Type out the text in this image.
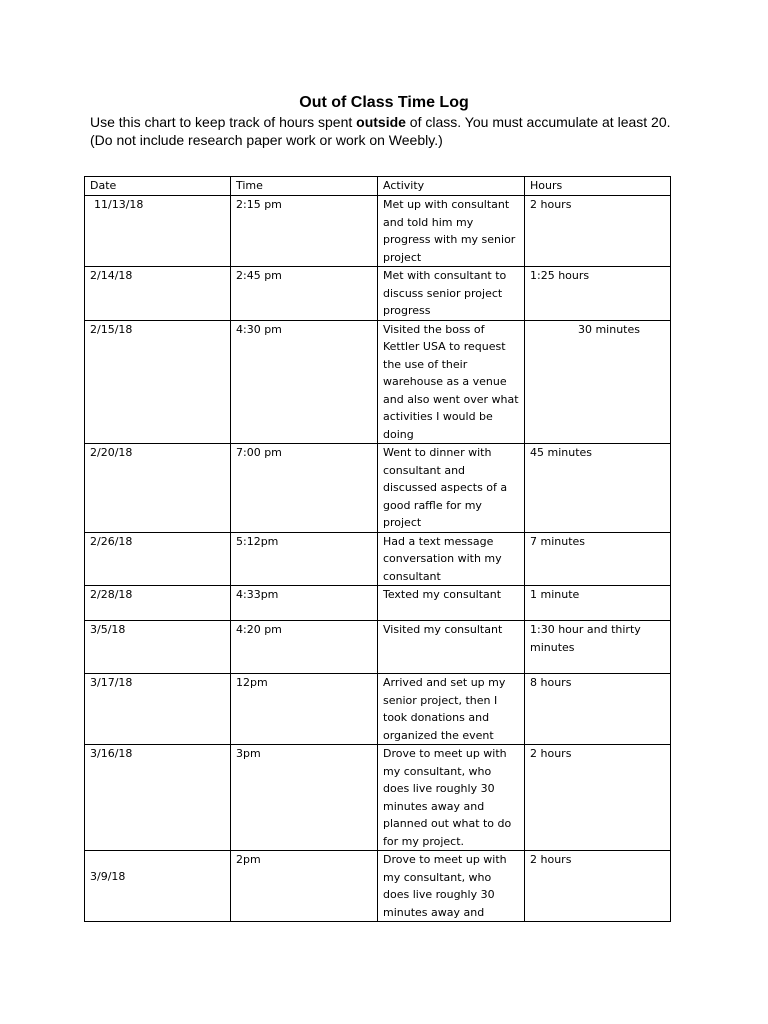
Out of Class Time Log
Use this chart to keep track of hours spent outside of class. You must accumulate at least 20.
(Do not include research paper work or work on Weebly.)
Date	Time	Activity	Hours
11/13/18	2:15 pm	Met up with consultant and told him my progress with my senior project	2 hours
2/14/18	2:45 pm	Met with consultant to discuss senior project progress	1:25 hours
2/15/18	4:30 pm	Visited the boss of Kettler USA to request the use of their warehouse as a venue and also went over what activities I would be doing	30 minutes
2/20/18	7:00 pm	Went to dinner with consultant and discussed aspects of a good raffle for my project	45 minutes
2/26/18	5:12pm	Had a text message conversation with my consultant	7 minutes
2/28/18	4:33pm	Texted my consultant	1 minute
3/5/18	4:20 pm	Visited my consultant	1:30 hour and thirty minutes
3/17/18	12pm	Arrived and set up my senior project, then I took donations and organized the event	8 hours
3/16/18	3pm	Drove to meet up with my consultant, who does live roughly 30 minutes away and planned out what to do for my project.	2 hours

3/9/18	2pm	Drove to meet up with my consultant, who does live roughly 30 minutes away and	2 hours
